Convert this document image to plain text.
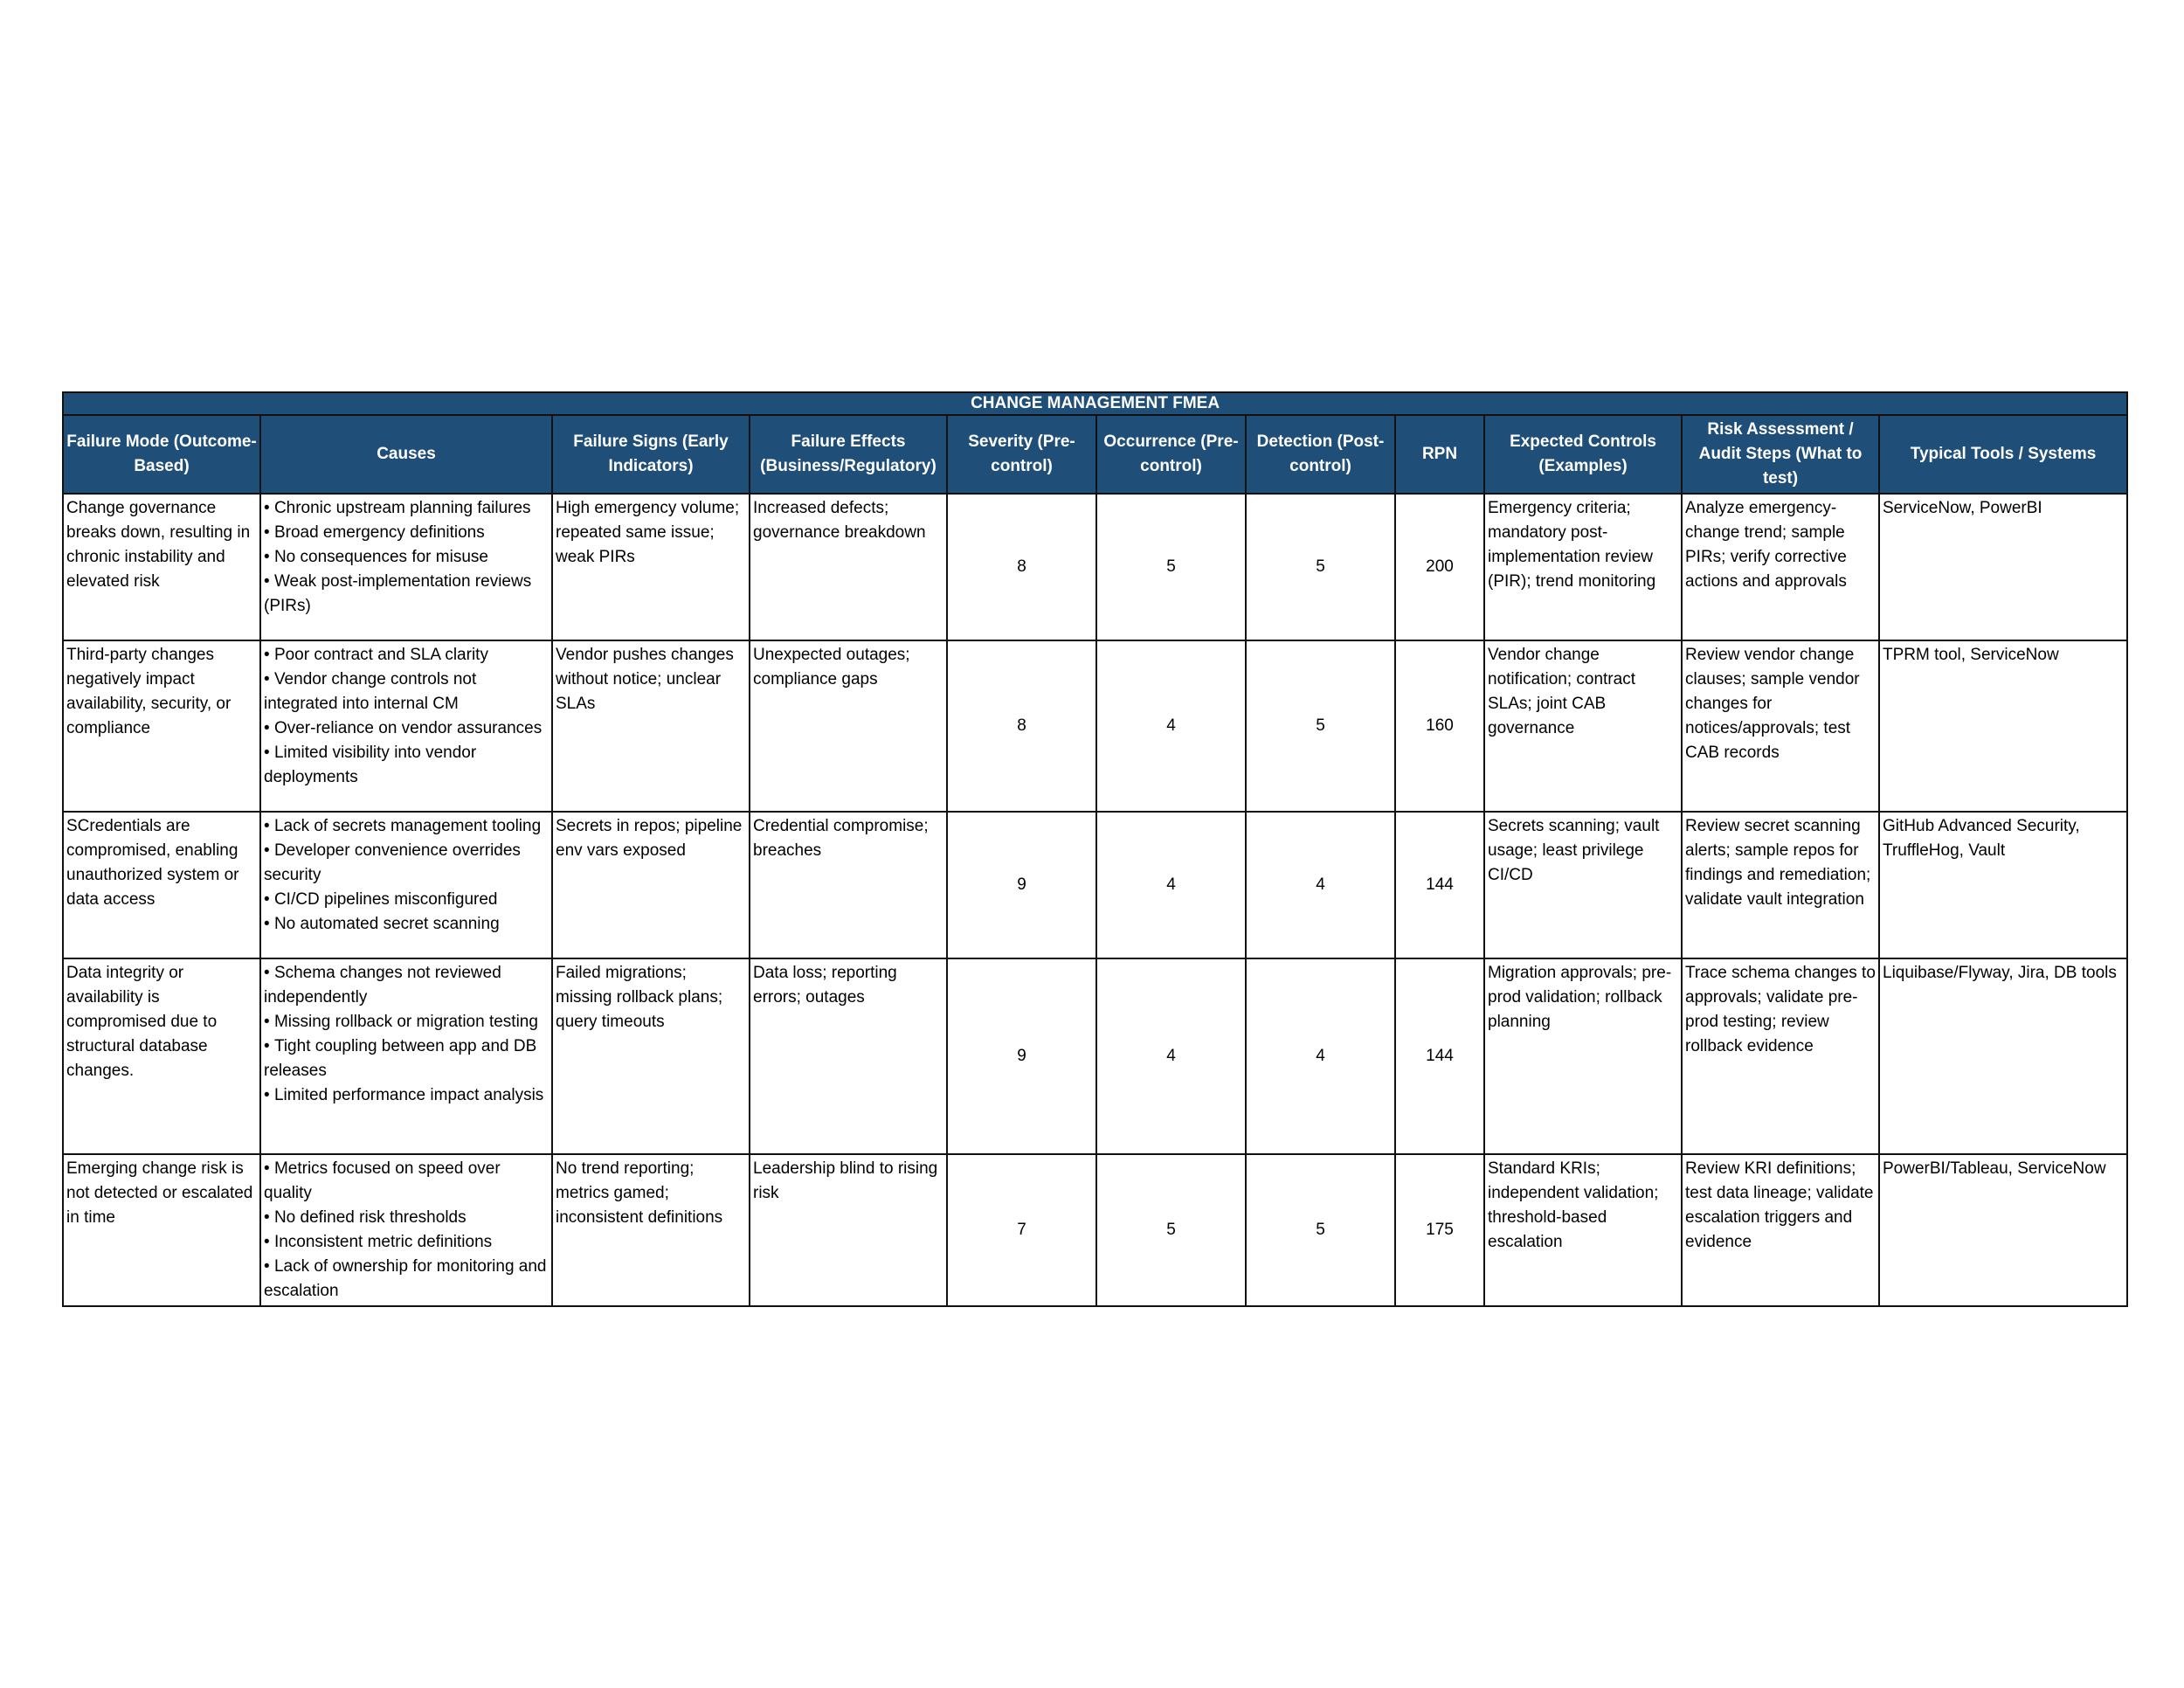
CHANGE MANAGEMENT FMEA										
Failure Mode (Outcome-Based)	Causes	Failure Signs (Early Indicators)	Failure Effects (Business/Regulatory)	Severity (Pre-control)	Occurrence (Pre-control)	Detection (Post-control)	RPN	Expected Controls (Examples)	Risk Assessment / Audit Steps (What to test)	Typical Tools / Systems
Change governance breaks down, resulting in chronic instability and elevated risk	• Chronic upstream planning failures
• Broad emergency definitions
• No consequences for misuse
• Weak post-implementation reviews (PIRs)	High emergency volume; repeated same issue; weak PIRs	Increased defects; governance breakdown	8	5	5	200	Emergency criteria; mandatory post-implementation review (PIR); trend monitoring	Analyze emergency-change trend; sample PIRs; verify corrective actions and approvals	ServiceNow, PowerBI
Third-party changes negatively impact availability, security, or compliance	• Poor contract and SLA clarity
• Vendor change controls not integrated into internal CM
• Over-reliance on vendor assurances
• Limited visibility into vendor deployments	Vendor pushes changes without notice; unclear SLAs	Unexpected outages; compliance gaps	8	4	5	160	Vendor change notification; contract SLAs; joint CAB governance	Review vendor change clauses; sample vendor changes for notices/approvals; test CAB records	TPRM tool, ServiceNow
SCredentials are compromised, enabling unauthorized system or data access	• Lack of secrets management tooling
• Developer convenience overrides security
• CI/CD pipelines misconfigured
• No automated secret scanning	Secrets in repos; pipeline env vars exposed	Credential compromise; breaches	9	4	4	144	Secrets scanning; vault usage; least privilege CI/CD	Review secret scanning alerts; sample repos for findings and remediation; validate vault integration	GitHub Advanced Security, TruffleHog, Vault
Data integrity or availability is compromised due to structural database changes.	• Schema changes not reviewed independently
• Missing rollback or migration testing
• Tight coupling between app and DB releases
• Limited performance impact analysis	Failed migrations; missing rollback plans; query timeouts	Data loss; reporting errors; outages	9	4	4	144	Migration approvals; pre-prod validation; rollback planning	Trace schema changes to approvals; validate pre-prod testing; review rollback evidence	Liquibase/Flyway, Jira, DB tools
Emerging change risk is not detected or escalated in time	• Metrics focused on speed over quality
• No defined risk thresholds
• Inconsistent metric definitions
• Lack of ownership for monitoring and escalation	No trend reporting; metrics gamed; inconsistent definitions	Leadership blind to rising risk	7	5	5	175	Standard KRIs; independent validation; threshold-based escalation	Review KRI definitions; test data lineage; validate escalation triggers and evidence	PowerBI/Tableau, ServiceNow
